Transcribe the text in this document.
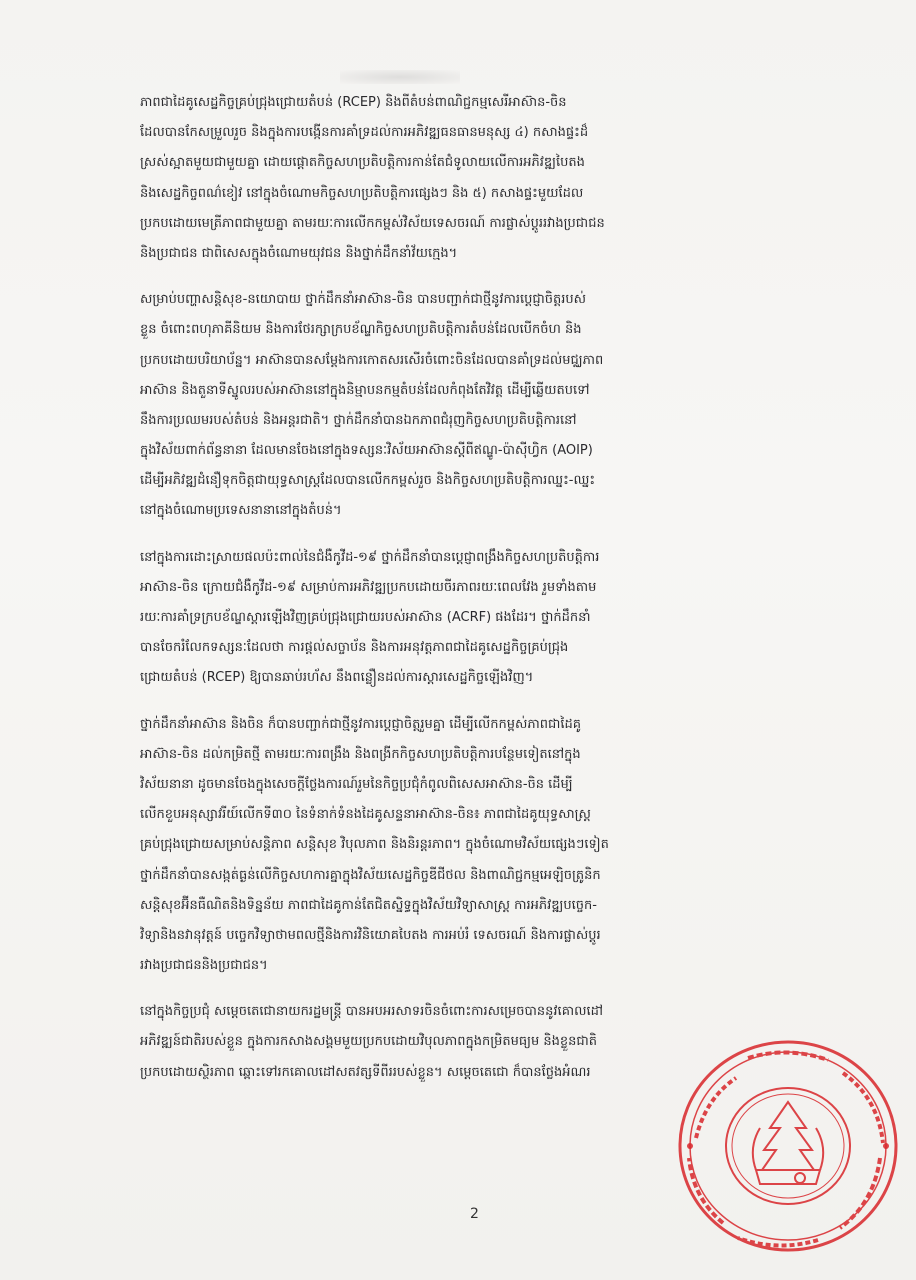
ភាពជាដៃគូសេដ្ឋកិច្ចគ្រប់ជ្រុងជ្រោយតំបន់ (RCEP) និងពីតំបន់ពាណិជ្ជកម្មសេរីអាស៊ាន-ចិន
ដែលបានកែសម្រួលរួច និងក្នុងការបង្កើនការគាំទ្រដល់ការអភិវឌ្ឍធនធានមនុស្ស ៤) កសាងផ្ទះដ៏
ស្រស់ស្អាតមួយជាមួយគ្នា ដោយផ្តោតកិច្ចសហប្រតិបត្តិការកាន់តែជំទូលាយលើការអភិវឌ្ឍបៃតង
និងសេដ្ឋកិច្ចពណ៌ខៀវ នៅក្នុងចំណោមកិច្ចសហប្រតិបត្តិការផ្សេងៗ និង ៥) កសាងផ្ទះមួយដែល
ប្រកបដោយមេត្រីភាពជាមួយគ្នា តាមរយៈការលើកកម្ពស់វិស័យទេសចរណ៍ ការផ្លាស់ប្តូររវាងប្រជាជន
និងប្រជាជន ជាពិសេសក្នុងចំណោមយុវជន និងថ្នាក់ដឹកនាំវ័យក្មេង។
សម្រាប់បញ្ហាសន្តិសុខ-នយោបាយ ថ្នាក់ដឹកនាំអាស៊ាន-ចិន បានបញ្ជាក់ជាថ្មីនូវការប្តេជ្ញាចិត្តរបស់
ខ្លួន ចំពោះពហុភាគីនិយម និងការថែរក្សាក្របខ័ណ្ឌកិច្ចសហប្រតិបត្តិការតំបន់ដែលបើកចំហ និង
ប្រកបដោយបរិយាប័ន្ន។ អាស៊ានបានសម្តែងការកោតសរសើរចំពោះចិនដែលបានគាំទ្រដល់មជ្ឈភាព
អាស៊ាន និងតួនាទីស្នូលរបស់អាស៊ាននៅក្នុងនិម្មាបនកម្មតំបន់ដែលកំពុងតែវិវត្ត ដើម្បីឆ្លើយតបទៅ
នឹងការប្រឈមរបស់តំបន់ និងអន្តរជាតិ។ ថ្នាក់ដឹកនាំបានឯកភាពជំរុញកិច្ចសហប្រតិបត្តិការនៅ
ក្នុងវិស័យពាក់ព័ន្ធនានា ដែលមានចែងនៅក្នុងទស្សនៈវិស័យអាស៊ានស្តីពីឥណ្ឌូ-ប៉ាស៊ីហ្វិក (AOIP)
ដើម្បីអភិវឌ្ឍដំនឿទុកចិត្តជាយុទ្ធសាស្រ្តដែលបានលើកកម្ពស់រួច និងកិច្ចសហប្រតិបត្តិការឈ្នះ-ឈ្នះ
នៅក្នុងចំណោមប្រទេសនានានៅក្នុងតំបន់។
នៅក្នុងការដោះស្រាយផលប៉ះពាល់នៃជំងឺកូវីដ-១៩ ថ្នាក់ដឹកនាំបានប្តេជ្ញាពង្រឹងកិច្ចសហប្រតិបត្តិការ
អាស៊ាន-ចិន ក្រោយជំងឺកូវីដ-១៩ សម្រាប់ការអភិវឌ្ឍប្រកបដោយចីរភាពរយៈពេលវែង រួមទាំងតាម
រយៈការគាំទ្រក្របខ័ណ្ឌស្តារឡើងវិញគ្រប់ជ្រុងជ្រោយរបស់អាស៊ាន (ACRF) ផងដែរ។ ថ្នាក់ដឹកនាំ
បានចែករំលែកទស្សនៈដែលថា ការផ្តល់សច្ចាប័ន និងការអនុវត្តភាពជាដៃគូសេដ្ឋកិច្ចគ្រប់ជ្រុង
ជ្រោយតំបន់ (RCEP) ឱ្យបានឆាប់រហ័ស នឹងពន្លឿនដល់ការស្តារសេដ្ឋកិច្ចឡើងវិញ។
ថ្នាក់ដឹកនាំអាស៊ាន និងចិន ក៏បានបញ្ជាក់ជាថ្មីនូវការប្តេជ្ញាចិត្តរួមគ្នា ដើម្បីលើកកម្ពស់ភាពជាដៃគូ
អាស៊ាន-ចិន ដល់កម្រិតថ្មី តាមរយៈការពង្រឹង និងពង្រីកកិច្ចសហប្រតិបត្តិការបន្ថែមទៀតនៅក្នុង
វិស័យនានា ដូចមានចែងក្នុងសេចក្តីថ្លែងការណ៍រួមនៃកិច្ចប្រជុំកំពូលពិសេសអាស៊ាន-ចិន ដើម្បី
លើកខួបអនុស្សាវរីយ៍លើកទី៣០ នៃទំនាក់ទំនងដៃគូសន្ទនាអាស៊ាន-ចិន៖ ភាពជាដៃគូយុទ្ធសាស្រ្ត
គ្រប់ជ្រុងជ្រោយសម្រាប់សន្តិភាព សន្តិសុខ វិបុលភាព និងនិរន្តរភាព។ ក្នុងចំណោមវិស័យផ្សេងៗទៀត
ថ្នាក់ដឹកនាំបានសង្កត់ធ្ងន់លើកិច្ចសហការគ្នាក្នុងវិស័យសេដ្ឋកិច្ចឌីជីថល និងពាណិជ្ជកម្មអេឡិចត្រូនិក
សន្តិសុខអ៊ីនធឺណិតនិងទិន្នន័យ ភាពជាដៃគូកាន់តែជិតស្និទ្ធក្នុងវិស័យវិទ្យាសាស្ត្រ ការអភិវឌ្ឍបច្ចេក-
វិទ្យានិងនវានុវត្តន៍ បច្ចេកវិទ្យាថាមពលថ្មីនិងការវិនិយោគបៃតង ការអប់រំ ទេសចរណ៍ និងការផ្លាស់ប្តូរ
រវាងប្រជាជននិងប្រជាជន។
នៅក្នុងកិច្ចប្រជុំ សម្តេចតេជោនាយករដ្ឋមន្ត្រី បានអបអរសាទរចិនចំពោះការសម្រេចបាននូវគោលដៅ
អភិវឌ្ឍន៍ជាតិរបស់ខ្លួន ក្នុងការកសាងសង្គមមួយប្រកបដោយវិបុលភាពក្នុងកម្រិតមធ្យម និងខ្លួនជាតិ
ប្រកបដោយស្ថិរភាព ឆ្ពោះទៅរកគោលដៅសតវត្សទីពីររបស់ខ្លួន។ សម្តេចតេជោ ក៏បានថ្លែងអំណរ
2
